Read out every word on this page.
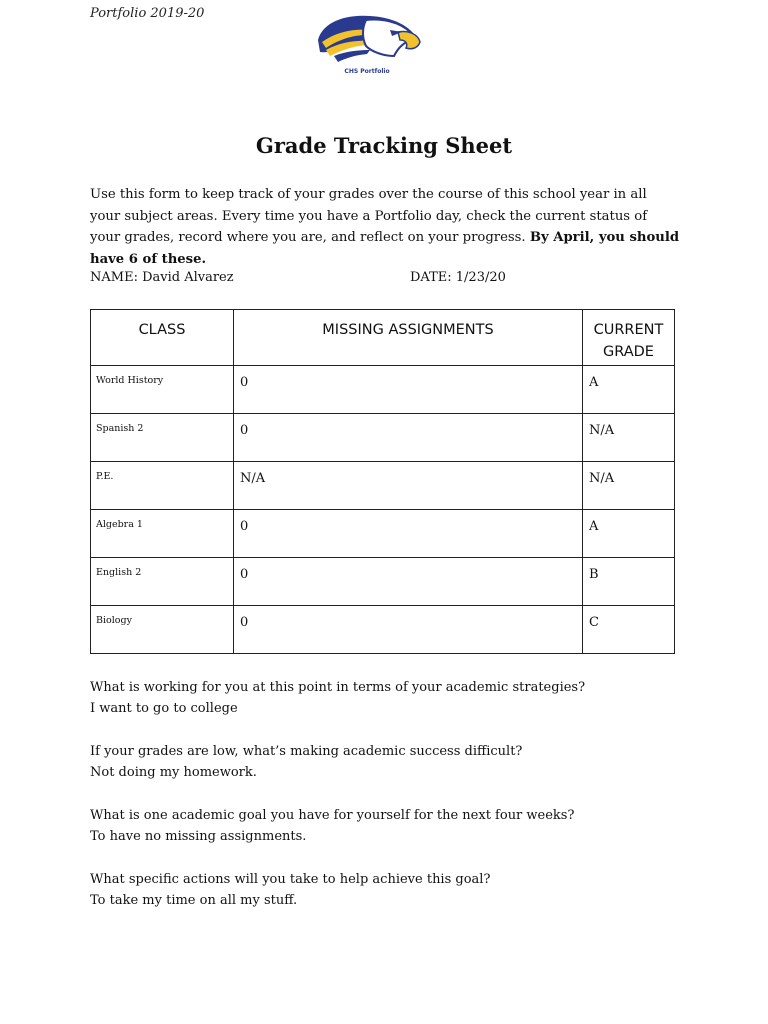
Portfolio 2019-20
CHS Portfolio
Grade Tracking Sheet
Use this form to keep track of your grades over the course of this school year in all your subject areas. Every time you have a Portfolio day, check the current status of your grades, record where you are, and reflect on your progress. By April, you should have 6 of these.
NAME: David Alvarez	DATE: 1/23/20
CLASS	MISSING ASSIGNMENTS	CURRENT
GRADE
World History	0	A
Spanish 2	0	N/A
P.E.	N/A	N/A
Algebra 1	0	A
English 2	0	B
Biology	0	C
What is working for you at this point in terms of your academic strategies?
I want to go to college
If your grades are low, what’s making academic success difficult?
Not doing my homework.
What is one academic goal you have for yourself for the next four weeks?
To have no missing assignments.
What specific actions will you take to help achieve this goal?
To take my time on all my stuff.
